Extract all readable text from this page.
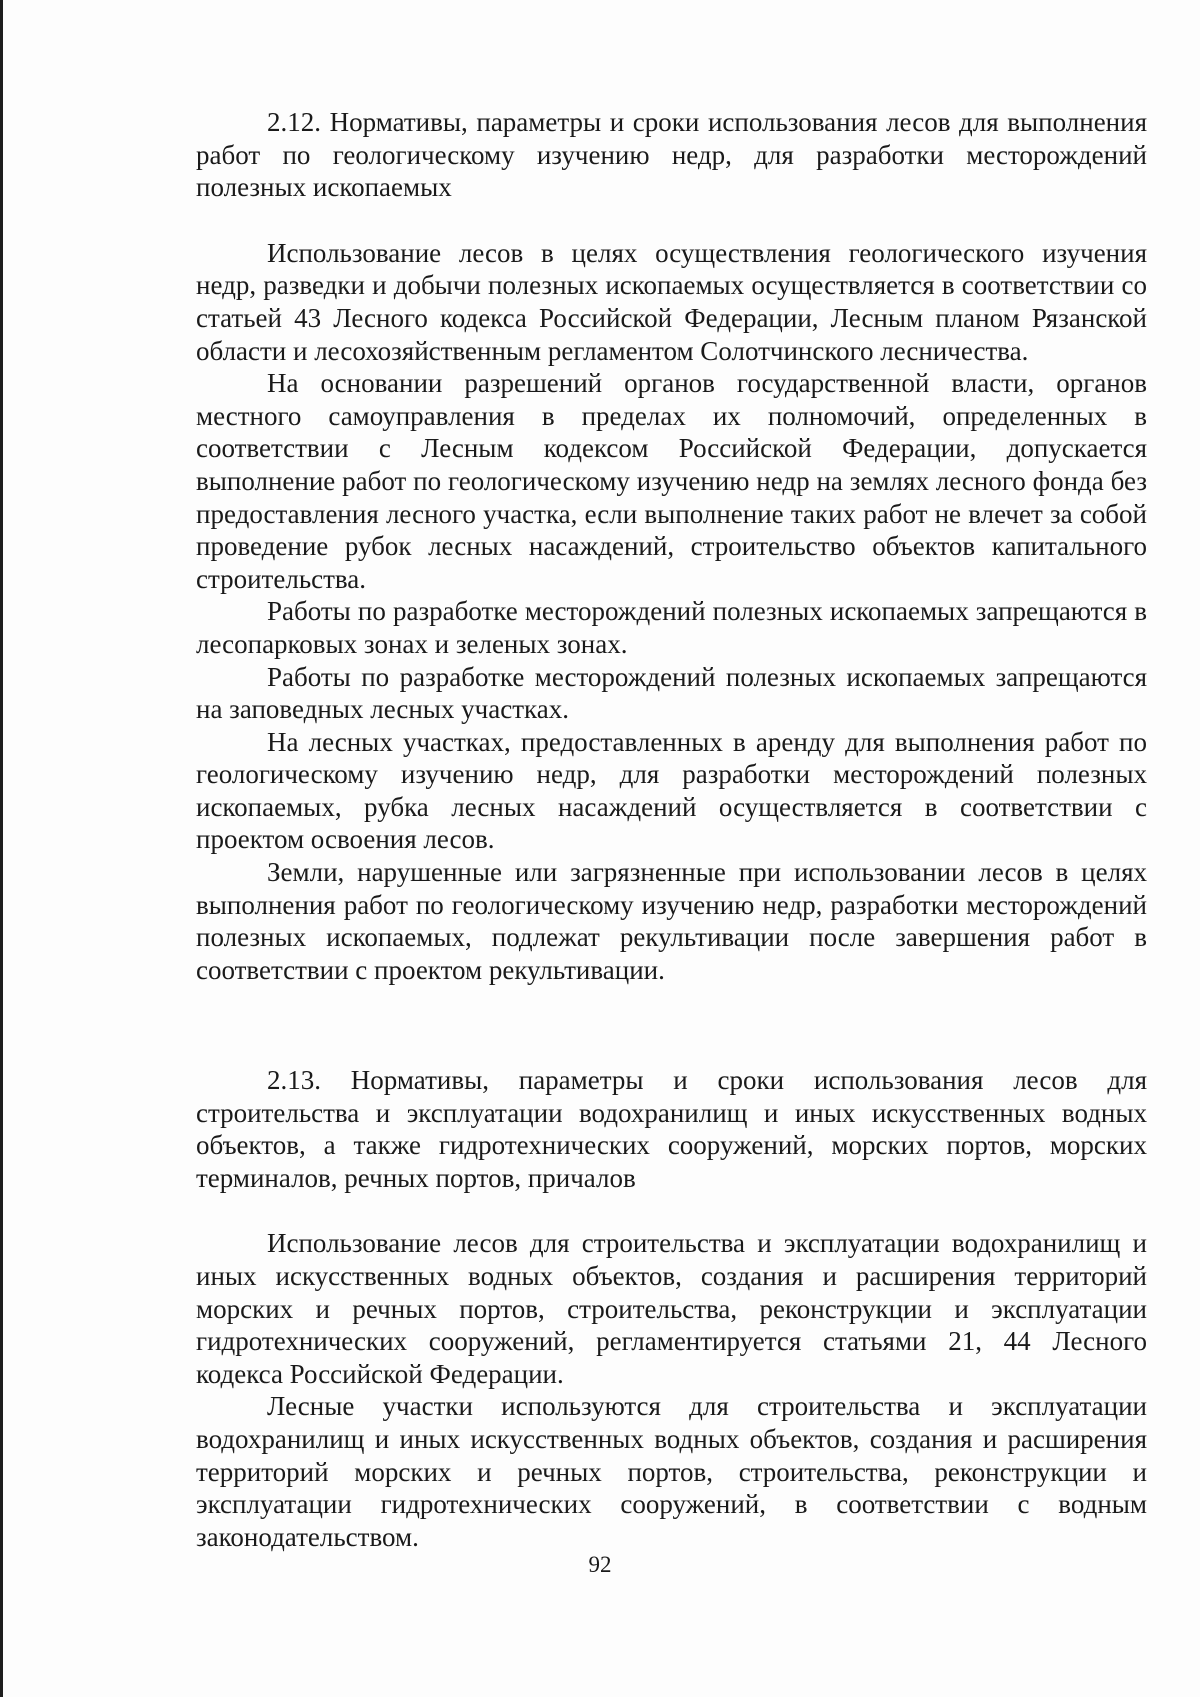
2.12. Нормативы, параметры и сроки использования лесов для выполнения работ по геологическому изучению недр, для разработки месторождений полезных ископаемых

Использование лесов в целях осуществления геологического изучения недр, разведки и добычи полезных ископаемых осуществляется в соответствии со статьей 43 Лесного кодекса Российской Федерации, Лесным планом Рязанской области и лесохозяйственным регламентом Солотчинского лесничества.

На основании разрешений органов государственной власти, органов местного самоуправления в пределах их полномочий, определенных в соответствии с Лесным кодексом Российской Федерации, допускается выполнение работ по геологическому изучению недр на землях лесного фонда без предоставления лесного участка, если выполнение таких работ не влечет за собой проведение рубок лесных насаждений, строительство объектов капитального строительства.

Работы по разработке месторождений полезных ископаемых запрещаются в лесопарковых зонах и зеленых зонах.

Работы по разработке месторождений полезных ископаемых запрещаются на заповедных лесных участках.

На лесных участках, предоставленных в аренду для выполнения работ по геологическому изучению недр, для разработки месторождений полезных ископаемых, рубка лесных насаждений осуществляется в соответствии с проектом освоения лесов.

Земли, нарушенные или загрязненные при использовании лесов в целях выполнения работ по геологическому изучению недр, разработки месторождений полезных ископаемых, подлежат рекультивации после завершения работ в соответствии с проектом рекультивации.

2.13. Нормативы, параметры и сроки использования лесов для строительства и эксплуатации водохранилищ и иных искусственных водных объектов, а также гидротехнических сооружений, морских портов, морских терминалов, речных портов, причалов

Использование лесов для строительства и эксплуатации водохранилищ и иных искусственных водных объектов, создания и расширения территорий морских и речных портов, строительства, реконструкции и эксплуатации гидротехнических сооружений, регламентируется статьями 21, 44 Лесного кодекса Российской Федерации.

Лесные участки используются для строительства и эксплуатации водохранилищ и иных искусственных водных объектов, создания и расширения территорий морских и речных портов, строительства, реконструкции и эксплуатации гидротехнических сооружений, в соответствии с водным законодательством.

92
